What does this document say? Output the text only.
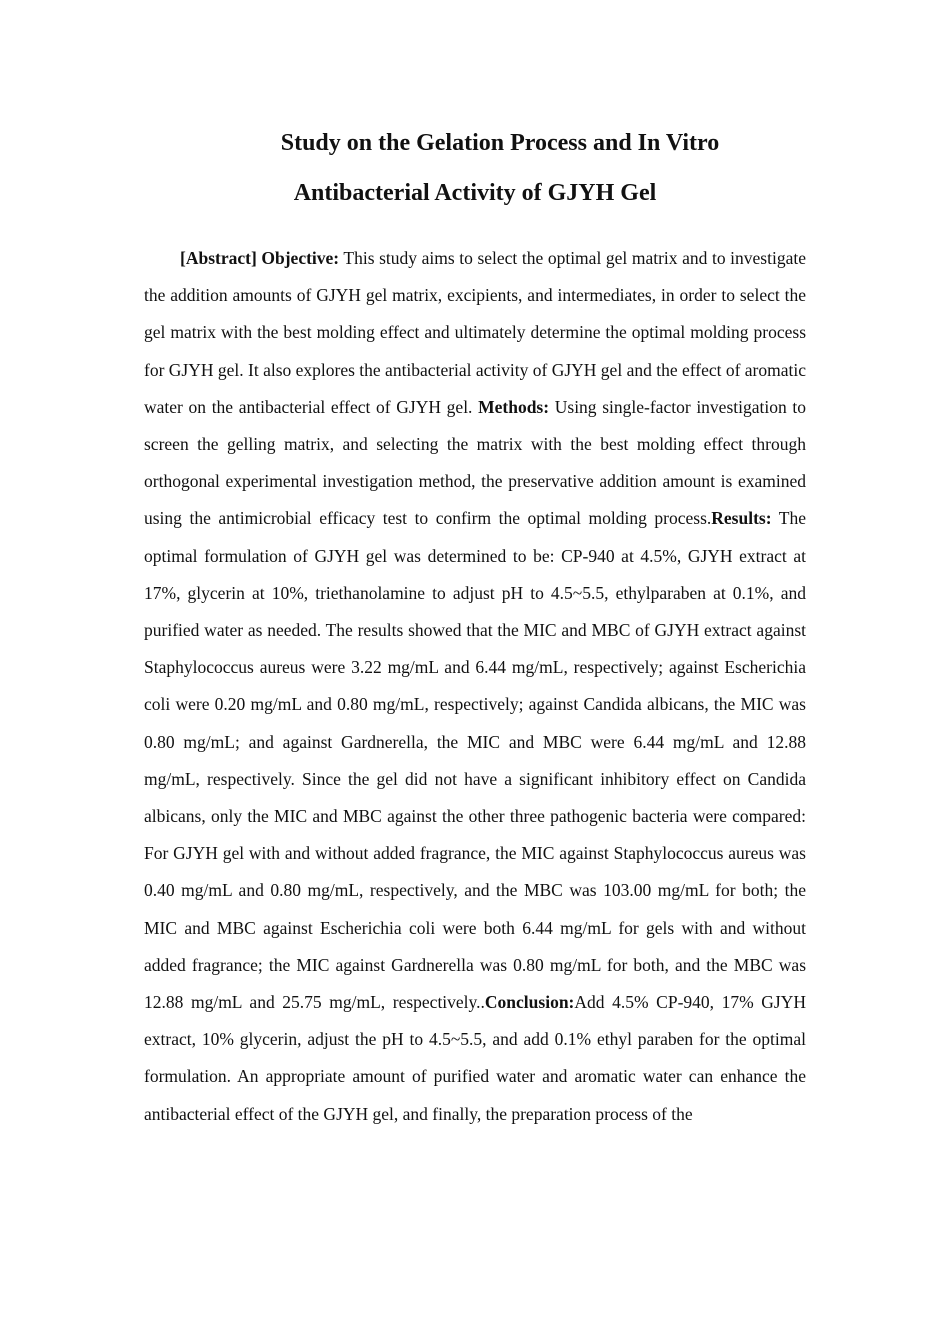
Study on the Gelation Process and In Vitro
Antibacterial Activity of GJYH Gel

[Abstract] Objective: This study aims to select the optimal gel matrix and to investigate the addition amounts of GJYH gel matrix, excipients, and intermediates, in order to select the gel matrix with the best molding effect and ultimately determine the optimal molding process for GJYH gel. It also explores the antibacterial activity of GJYH gel and the effect of aromatic water on the antibacterial effect of GJYH gel. Methods: Using single-factor investigation to screen the gelling matrix, and selecting the matrix with the best molding effect through orthogonal experimental investigation method, the preservative addition amount is examined using the antimicrobial efficacy test to confirm the optimal molding process.Results: The optimal formulation of GJYH gel was determined to be: CP-940 at 4.5%, GJYH extract at 17%, glycerin at 10%, triethanolamine to adjust pH to 4.5~5.5, ethylparaben at 0.1%, and purified water as needed. The results showed that the MIC and MBC of GJYH extract against Staphylococcus aureus were 3.22 mg/mL and 6.44 mg/mL, respectively; against Escherichia coli were 0.20 mg/mL and 0.80 mg/mL, respectively; against Candida albicans, the MIC was 0.80 mg/mL; and against Gardnerella, the MIC and MBC were 6.44 mg/mL and 12.88 mg/mL, respectively. Since the gel did not have a significant inhibitory effect on Candida albicans, only the MIC and MBC against the other three pathogenic bacteria were compared: For GJYH gel with and without added fragrance, the MIC against Staphylococcus aureus was 0.40 mg/mL and 0.80 mg/mL, respectively, and the MBC was 103.00 mg/mL for both; the MIC and MBC against Escherichia coli were both 6.44 mg/mL for gels with and without added fragrance; the MIC against Gardnerella was 0.80 mg/mL for both, and the MBC was 12.88 mg/mL and 25.75 mg/mL, respectively..Conclusion:Add 4.5% CP-940, 17% GJYH extract, 10% glycerin, adjust the pH to 4.5~5.5, and add 0.1% ethyl paraben for the optimal formulation. An appropriate amount of purified water and aromatic water can enhance the antibacterial effect of the GJYH gel, and finally, the preparation process of the
